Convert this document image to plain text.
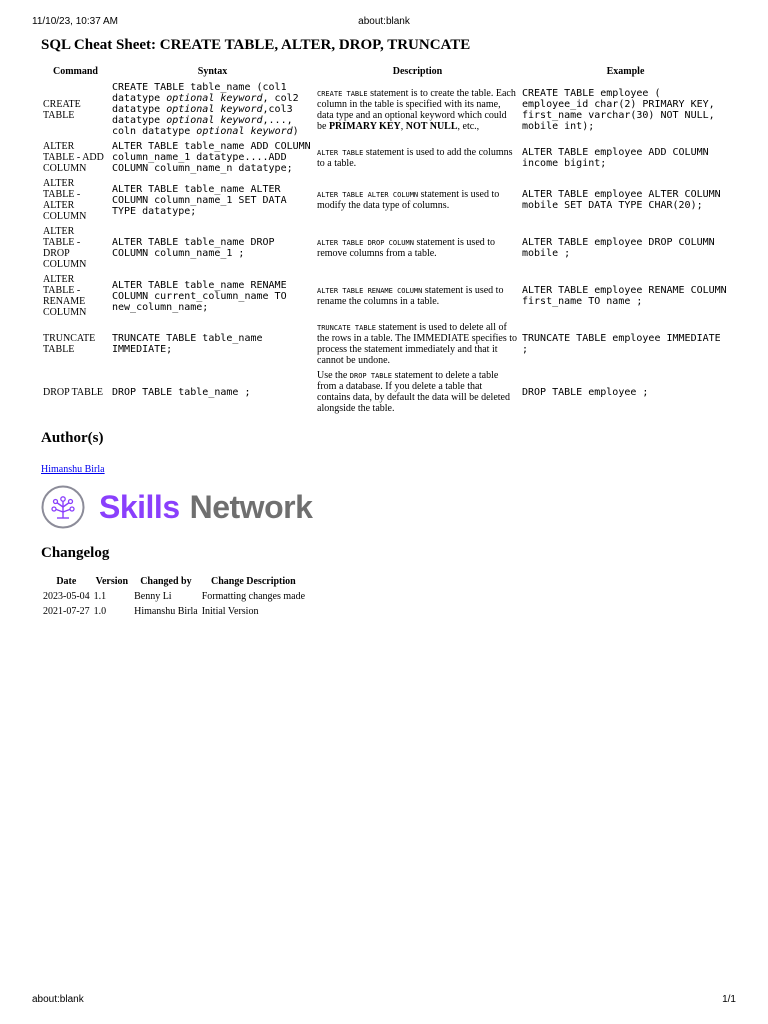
11/10/23, 10:37 AM	about:blank
SQL Cheat Sheet: CREATE TABLE, ALTER, DROP, TRUNCATE
Command	Syntax	Description	Example
CREATE TABLE	CREATE TABLE table_name (col1 datatype optional keyword, col2 datatype optional keyword,col3 datatype optional keyword,..., coln datatype optional keyword)	CREATE TABLE statement is to create the table. Each column in the table is specified with its name, data type and an optional keyword which could be PRIMARY KEY, NOT NULL, etc.,	CREATE TABLE employee ( employee_id char(2) PRIMARY KEY, first_name varchar(30) NOT NULL, mobile int);
ALTER TABLE - ADD COLUMN	ALTER TABLE table_name ADD COLUMN column_name_1 datatype....ADD COLUMN column_name_n datatype;	ALTER TABLE statement is used to add the columns to a table.	ALTER TABLE employee ADD COLUMN income bigint;
ALTER TABLE - ALTER COLUMN	ALTER TABLE table_name ALTER COLUMN column_name_1 SET DATA TYPE datatype;	ALTER TABLE ALTER COLUMN statement is used to modify the data type of columns.	ALTER TABLE employee ALTER COLUMN mobile SET DATA TYPE CHAR(20);
ALTER TABLE - DROP COLUMN	ALTER TABLE table_name DROP COLUMN column_name_1 ;	ALTER TABLE DROP COLUMN statement is used to remove columns from a table.	ALTER TABLE employee DROP COLUMN mobile ;
ALTER TABLE - RENAME COLUMN	ALTER TABLE table_name RENAME COLUMN current_column_name TO new_column_name;	ALTER TABLE RENAME COLUMN statement is used to rename the columns in a table.	ALTER TABLE employee RENAME COLUMN first_name TO name ;
TRUNCATE TABLE	TRUNCATE TABLE table_name IMMEDIATE;	TRUNCATE TABLE statement is used to delete all of the rows in a table. The IMMEDIATE specifies to process the statement immediately and that it cannot be undone.	TRUNCATE TABLE employee IMMEDIATE ;
DROP TABLE	DROP TABLE table_name ;	Use the DROP TABLE statement to delete a table from a database. If you delete a table that contains data, by default the data will be deleted alongside the table.	DROP TABLE employee ;
Author(s)
Himanshu Birla
Skills Network
Changelog
Date	Version	Changed by	Change Description
2023-05-04	1.1	Benny Li	Formatting changes made
2021-07-27	1.0	Himanshu Birla	Initial Version
about:blank	1/1
